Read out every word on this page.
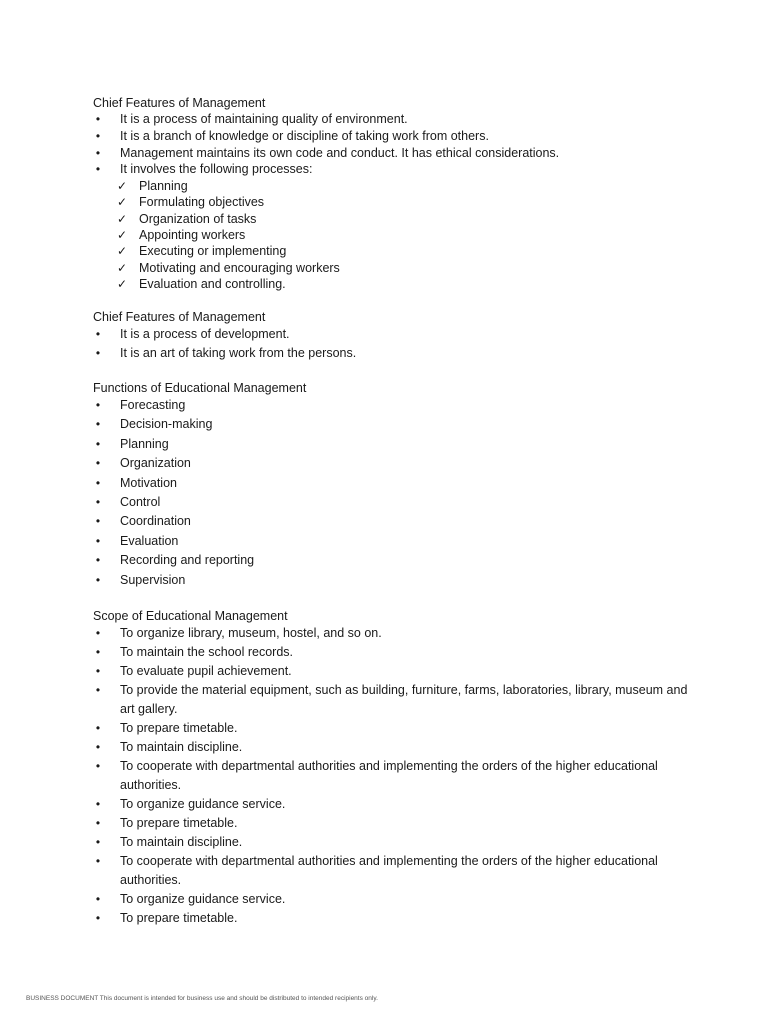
Chief Features of Management

• It is a process of maintaining quality of environment.
• It is a branch of knowledge or discipline of taking work from others.
• Management maintains its own code and conduct. It has ethical considerations.
• It involves the following processes:
✓ Planning
✓ Formulating objectives
✓ Organization of tasks
✓ Appointing workers
✓ Executing or implementing
✓ Motivating and encouraging workers
✓ Evaluation and controlling.

Chief Features of Management

• It is a process of development.
• It is an art of taking work from the persons.

Functions of Educational Management

• Forecasting
• Decision-making
• Planning
• Organization
• Motivation
• Control
• Coordination
• Evaluation
• Recording and reporting
• Supervision

Scope of Educational Management

• To organize library, museum, hostel, and so on.
• To maintain the school records.
• To evaluate pupil achievement.
• To provide the material equipment, such as building, furniture, farms, laboratories, library, museum and art gallery.
• To prepare timetable.
• To maintain discipline.
• To cooperate with departmental authorities and implementing the orders of the higher educational authorities.
• To organize guidance service.
• To prepare timetable.
• To maintain discipline.
• To cooperate with departmental authorities and implementing the orders of the higher educational authorities.
• To organize guidance service.
• To prepare timetable.
BUSINESS DOCUMENT This document is intended for business use and should be distributed to intended recipients only.
